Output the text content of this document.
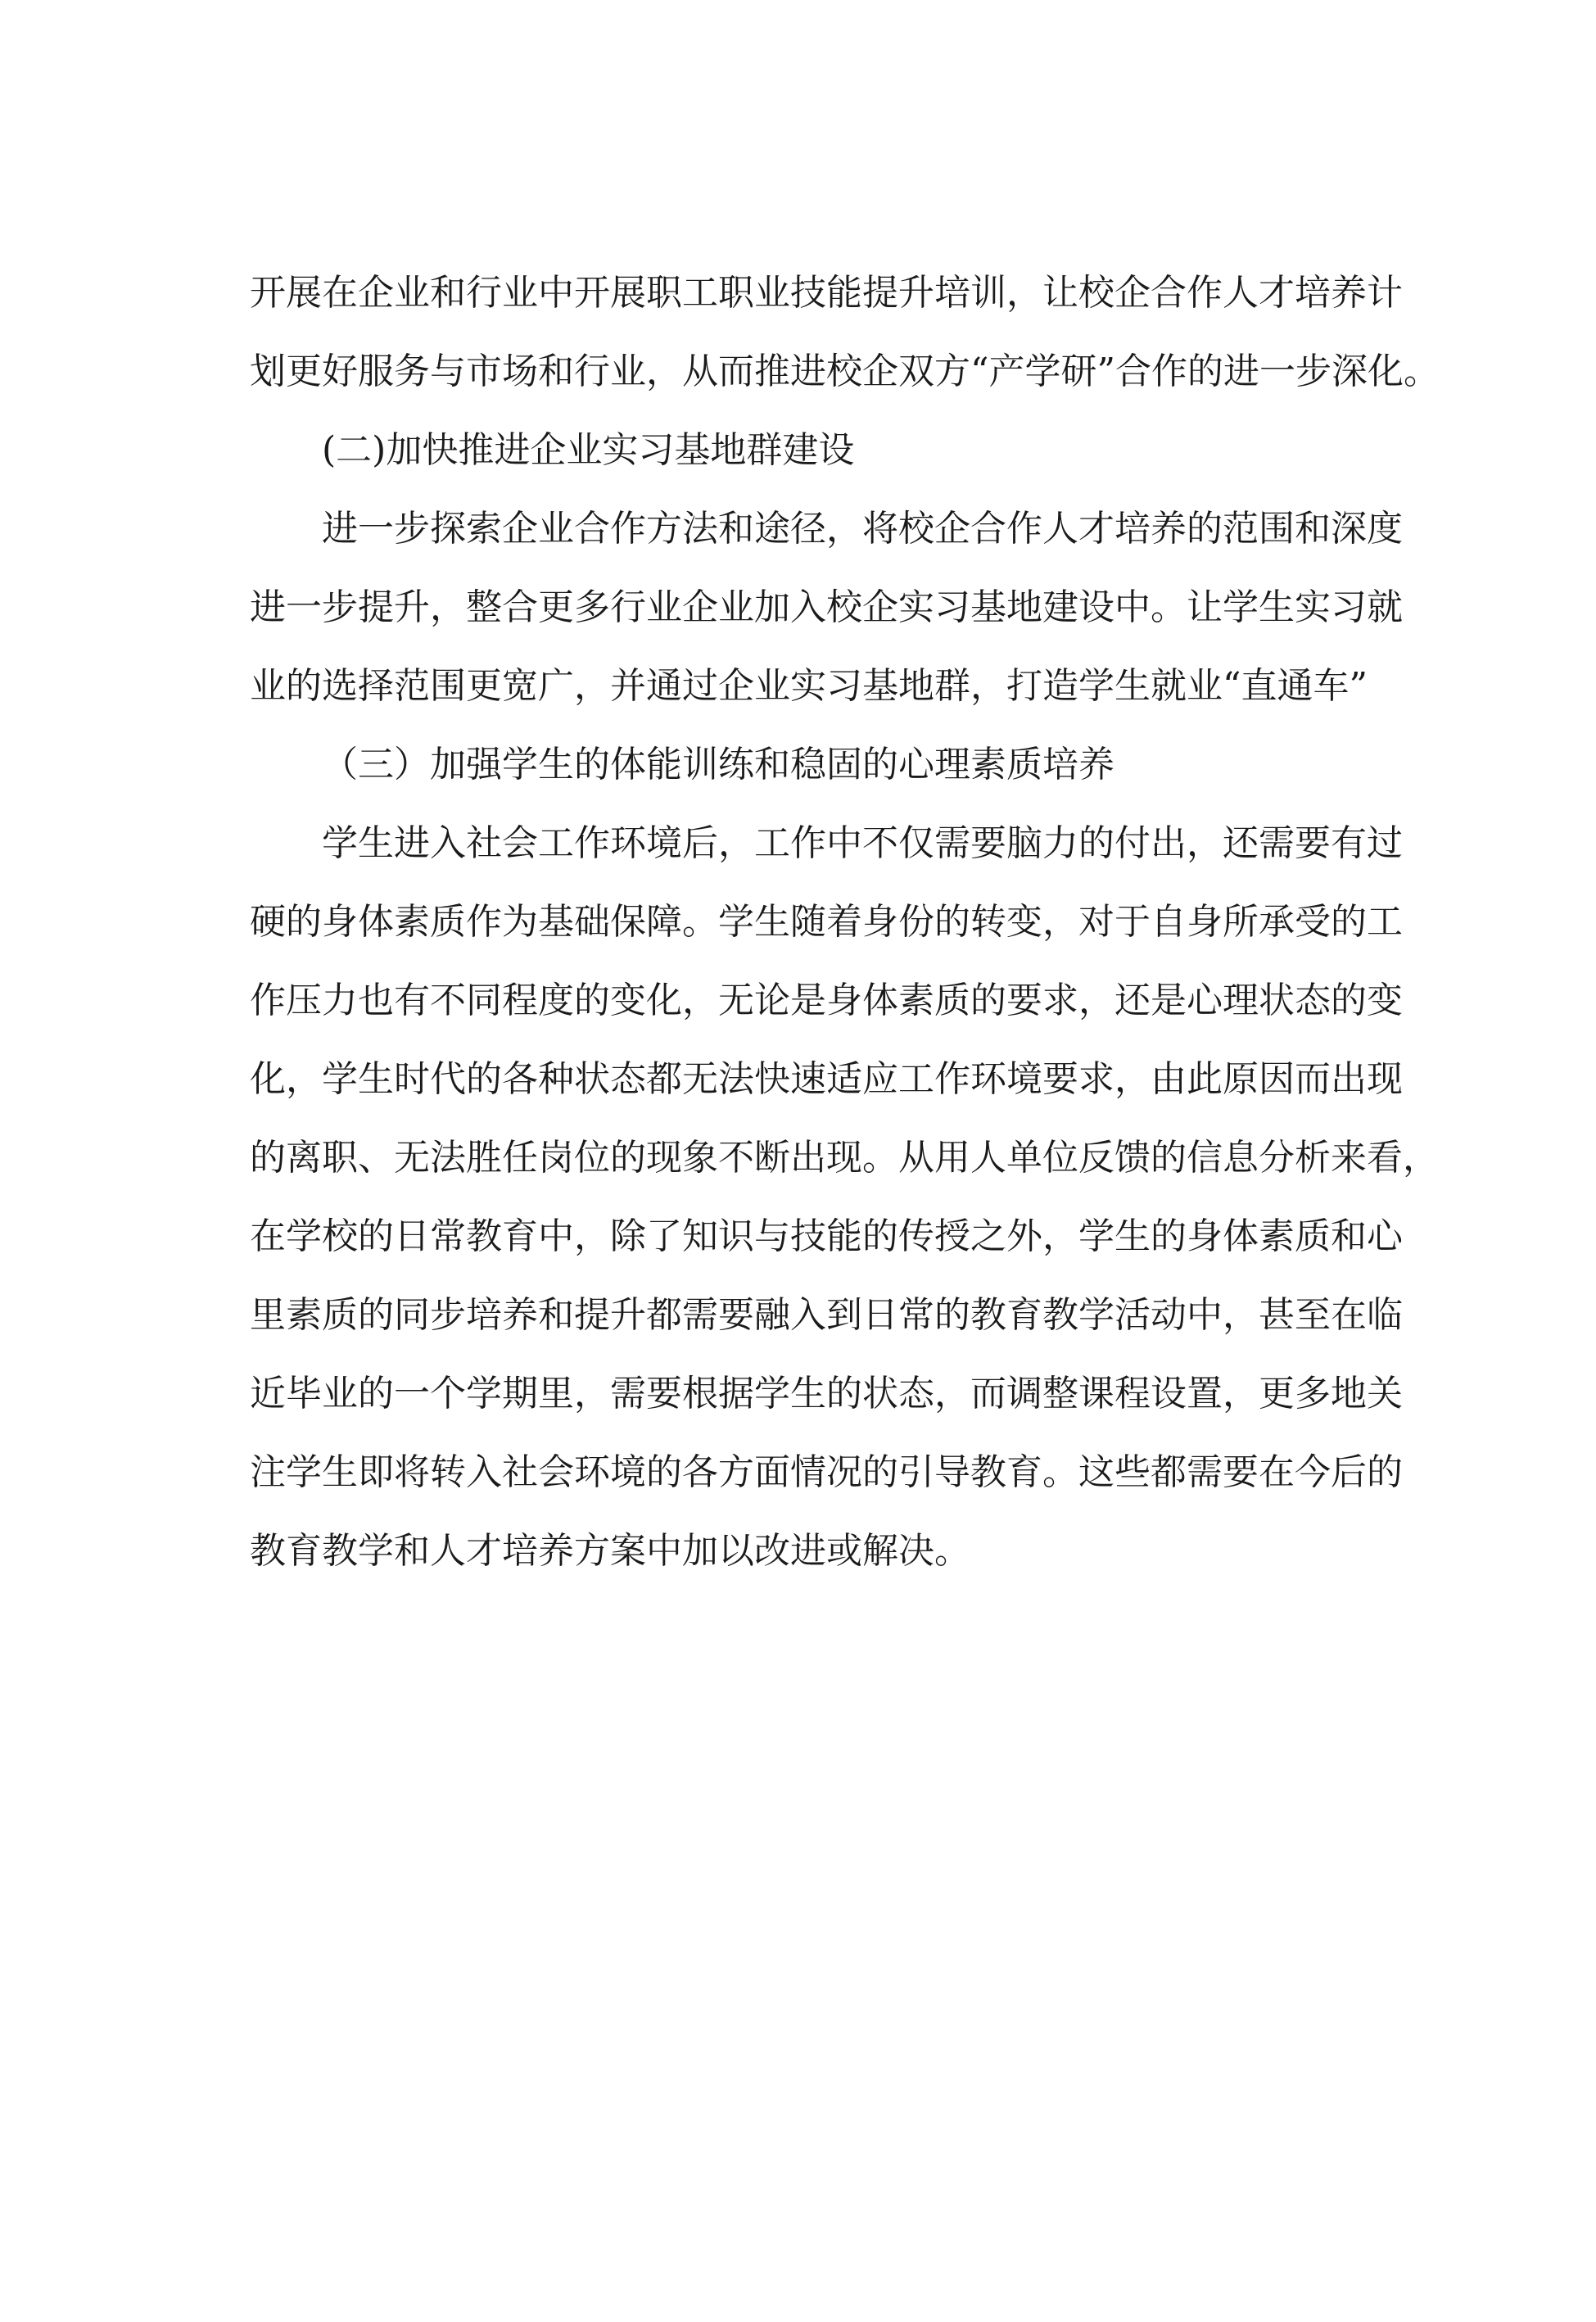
开展在企业和行业中开展职工职业技能提升培训，让校企合作人才培养计
划更好服务与市场和行业，从而推进校企双方“产学研”合作的进一步深化。
(二)加快推进企业实习基地群建设
进一步探索企业合作方法和途径，将校企合作人才培养的范围和深度
进一步提升，整合更多行业企业加入校企实习基地建设中。让学生实习就
业的选择范围更宽广，并通过企业实习基地群，打造学生就业“直通车”
（三）加强学生的体能训练和稳固的心理素质培养
学生进入社会工作环境后，工作中不仅需要脑力的付出，还需要有过
硬的身体素质作为基础保障。学生随着身份的转变，对于自身所承受的工
作压力也有不同程度的变化，无论是身体素质的要求，还是心理状态的变
化，学生时代的各种状态都无法快速适应工作环境要求，由此原因而出现
的离职、无法胜任岗位的现象不断出现。从用人单位反馈的信息分析来看，
在学校的日常教育中，除了知识与技能的传授之外，学生的身体素质和心
里素质的同步培养和提升都需要融入到日常的教育教学活动中，甚至在临
近毕业的一个学期里，需要根据学生的状态，而调整课程设置，更多地关
注学生即将转入社会环境的各方面情况的引导教育。这些都需要在今后的
教育教学和人才培养方案中加以改进或解决。
